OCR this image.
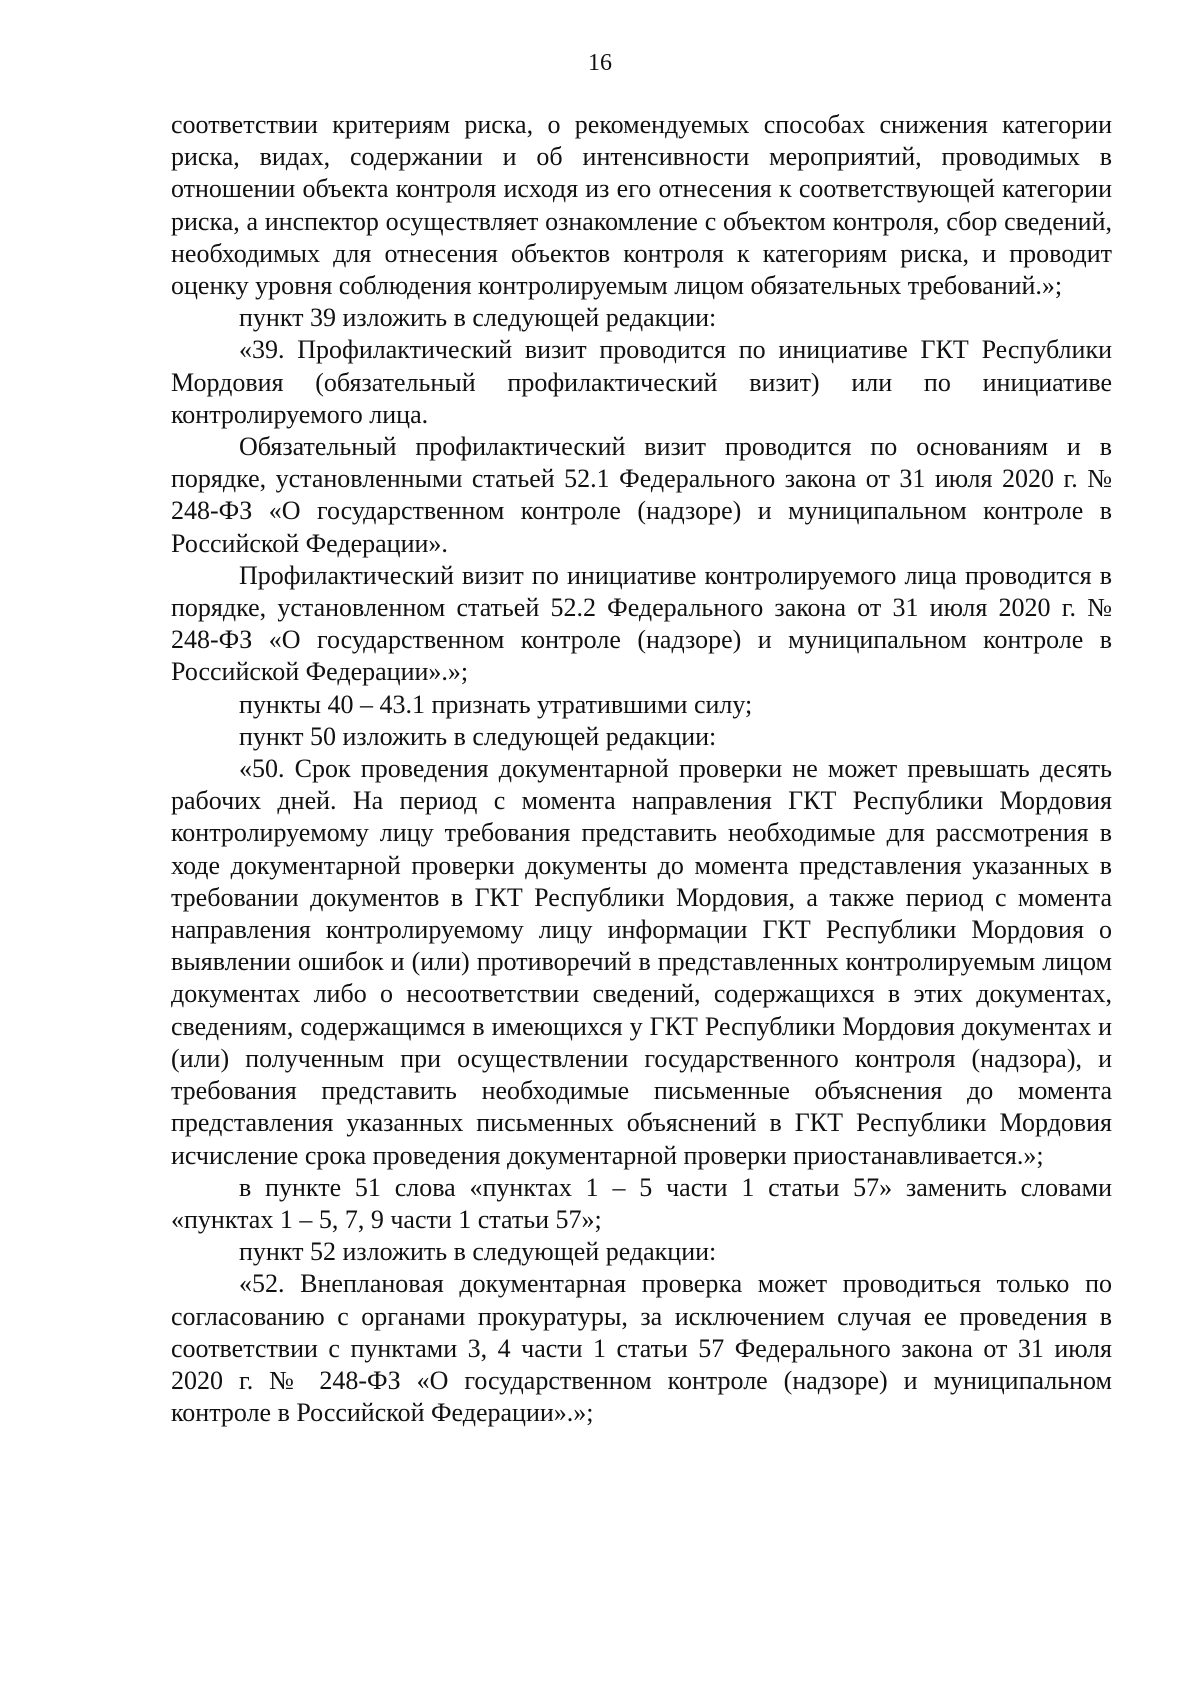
16

соответствии критериям риска, о рекомендуемых способах снижения категории риска, видах, содержании и об интенсивности мероприятий, проводимых в отношении объекта контроля исходя из его отнесения к соответствующей категории риска, а инспектор осуществляет ознакомление с объектом контроля, сбор сведений, необходимых для отнесения объектов контроля к категориям риска, и проводит оценку уровня соблюдения контролируемым лицом обязательных требований.»;

пункт 39 изложить в следующей редакции:

«39. Профилактический визит проводится по инициативе ГКТ Республики Мордовия (обязательный профилактический визит) или по инициативе контролируемого лица.

Обязательный профилактический визит проводится по основаниям и в порядке, установленными статьей 52.1 Федерального закона от 31 июля 2020 г. № 248-ФЗ «О государственном контроле (надзоре) и муниципальном контроле в Российской Федерации».

Профилактический визит по инициативе контролируемого лица проводится в порядке, установленном статьей 52.2 Федерального закона от 31 июля 2020 г. № 248-ФЗ «О государственном контроле (надзоре) и муниципальном контроле в Российской Федерации».»;

пункты 40 – 43.1 признать утратившими силу;

пункт 50 изложить в следующей редакции:

«50. Срок проведения документарной проверки не может превышать десять рабочих дней. На период с момента направления ГКТ Республики Мордовия контролируемому лицу требования представить необходимые для рассмотрения в ходе документарной проверки документы до момента представления указанных в требовании документов в ГКТ Республики Мордовия, а также период с момента направления контролируемому лицу информации ГКТ Республики Мордовия о выявлении ошибок и (или) противоречий в представленных контролируемым лицом документах либо о несоответствии сведений, содержащихся в этих документах, сведениям, содержащимся в имеющихся у ГКТ Республики Мордовия документах и (или) полученным при осуществлении государственного контроля (надзора), и требования представить необходимые письменные объяснения до момента представления указанных письменных объяснений в ГКТ Республики Мордовия исчисление срока проведения документарной проверки приостанавливается.»;

в пункте 51 слова «пунктах 1 – 5 части 1 статьи 57» заменить словами «пунктах 1 – 5, 7, 9 части 1 статьи 57»;

пункт 52 изложить в следующей редакции:

«52. Внеплановая документарная проверка может проводиться только по согласованию с органами прокуратуры, за исключением случая ее проведения в соответствии с пунктами 3, 4 части 1 статьи 57 Федерального закона от 31 июля 2020 г. № 248-ФЗ «О государственном контроле (надзоре) и муниципальном контроле в Российской Федерации».»;
